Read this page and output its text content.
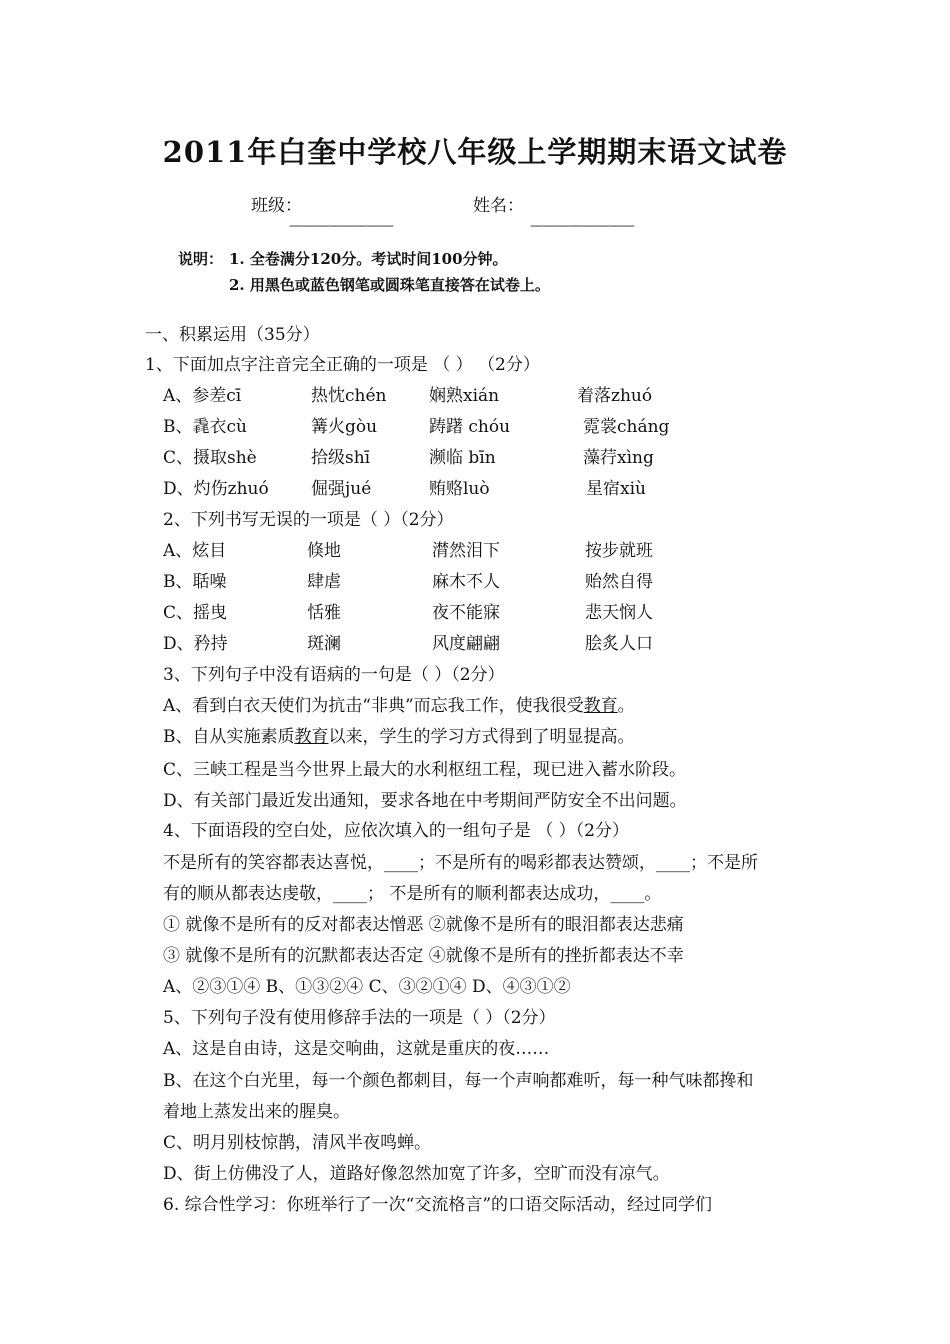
2011年白奎中学校八年级上学期期末语文试卷
班级：	姓名：
————————	————————
说明： 1. 全卷满分120分。考试时间100分钟。
2. 用黑色或蓝色钢笔或圆珠笔直接答在试卷上。
一、积累运用（35分）
1、下面加点字注音完全正确的一项是 （ ） （2分）
A、参差cī	热忱chén	娴熟xián	着落zhuó
B、毳衣cù	篝火gòu	踌躇 chóu	霓裳cháng
C、摄取shè	拾级shī	濒临 bīn	藻荇xìng
D、灼伤zhuó 倔强jué	贿赂luò	星宿xiù
2、下列书写无误的一项是（ ）（2分）
A、炫目	倏地	潸然泪下	按步就班
B、聒噪	肆虐	麻木不人	贻然自得
C、摇曳	恬雅	夜不能寐	悲天悯人
D、矜持	斑澜	风度翩翩	脍炙人口
3、下列句子中没有语病的一句是（ ）（2分）
A、看到白衣天使们为抗击“非典”而忘我工作，使我很受教育。
B、自从实施素质教育以来，学生的学习方式得到了明显提高。
C、三峡工程是当今世界上最大的水利枢纽工程，现已进入蓄水阶段。
D、有关部门最近发出通知，要求各地在中考期间严防安全不出问题。
4、下面语段的空白处，应依次填入的一组句子是 （ ）（2分）
不是所有的笑容都表达喜悦，____；不是所有的喝彩都表达赞颂，____；不是所
有的顺从都表达虔敬，____； 不是所有的顺利都表达成功，____。
① 就像不是所有的反对都表达憎恶 ②就像不是所有的眼泪都表达悲痛
③ 就像不是所有的沉默都表达否定 ④就像不是所有的挫折都表达不幸
A、②③①④ B、①③②④ C、③②①④ D、④③①②
5、下列句子没有使用修辞手法的一项是（ ）（2分）
A、这是自由诗，这是交响曲，这就是重庆的夜……
B、在这个白光里，每一个颜色都刺目，每一个声响都难听，每一种气味都搀和
着地上蒸发出来的腥臭。
C、明月别枝惊鹊，清风半夜鸣蝉。
D、街上仿佛没了人，道路好像忽然加宽了许多，空旷而没有凉气。
6. 综合性学习：你班举行了一次“交流格言”的口语交际活动，经过同学们
